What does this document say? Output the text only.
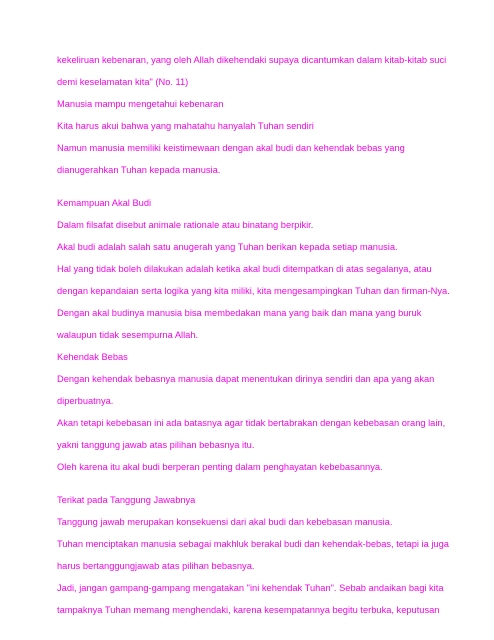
kekeliruan kebenaran, yang oleh Allah dikehendaki supaya dicantumkan dalam kitab-kitab suci
demi keselamatan kita" (No. 11)
Manusia mampu mengetahui kebenaran
Kita harus akui bahwa yang mahatahu hanyalah Tuhan sendiri
Namun manusia memiliki keistimewaan dengan akal budi dan kehendak bebas yang
dianugerahkan Tuhan kepada manusia.
Kemampuan Akal Budi
Dalam filsafat disebut animale rationale atau binatang berpikir.
Akal budi adalah salah satu anugerah yang Tuhan berikan kepada setiap manusia.
Hal yang tidak boleh dilakukan adalah ketika akal budi ditempatkan di atas segalanya, atau
dengan kepandaian serta logika yang kita miliki, kita mengesampingkan Tuhan dan firman-Nya.
Dengan akal budinya manusia bisa membedakan mana yang baik dan mana yang buruk
walaupun tidak sesempurna Allah.
Kehendak Bebas
Dengan kehendak bebasnya manusia dapat menentukan dirinya sendiri dan apa yang akan
diperbuatnya.
Akan tetapi kebebasan ini ada batasnya agar tidak bertabrakan dengan kebebasan orang lain,
yakni tanggung jawab atas pilihan bebasnya itu.
Oleh karena itu akal budi berperan penting dalam penghayatan kebebasannya.
Terikat pada Tanggung Jawabnya
Tanggung jawab merupakan konsekuensi dari akal budi dan kebebasan manusia.
Tuhan menciptakan manusia sebagai makhluk berakal budi dan kehendak-bebas, tetapi ia juga
harus bertanggungjawab atas pilihan bebasnya.
Jadi, jangan gampang-gampang mengatakan "ini kehendak Tuhan". Sebab andaikan bagi kita
tampaknya Tuhan memang menghendaki, karena kesempatannya begitu terbuka, keputusan
